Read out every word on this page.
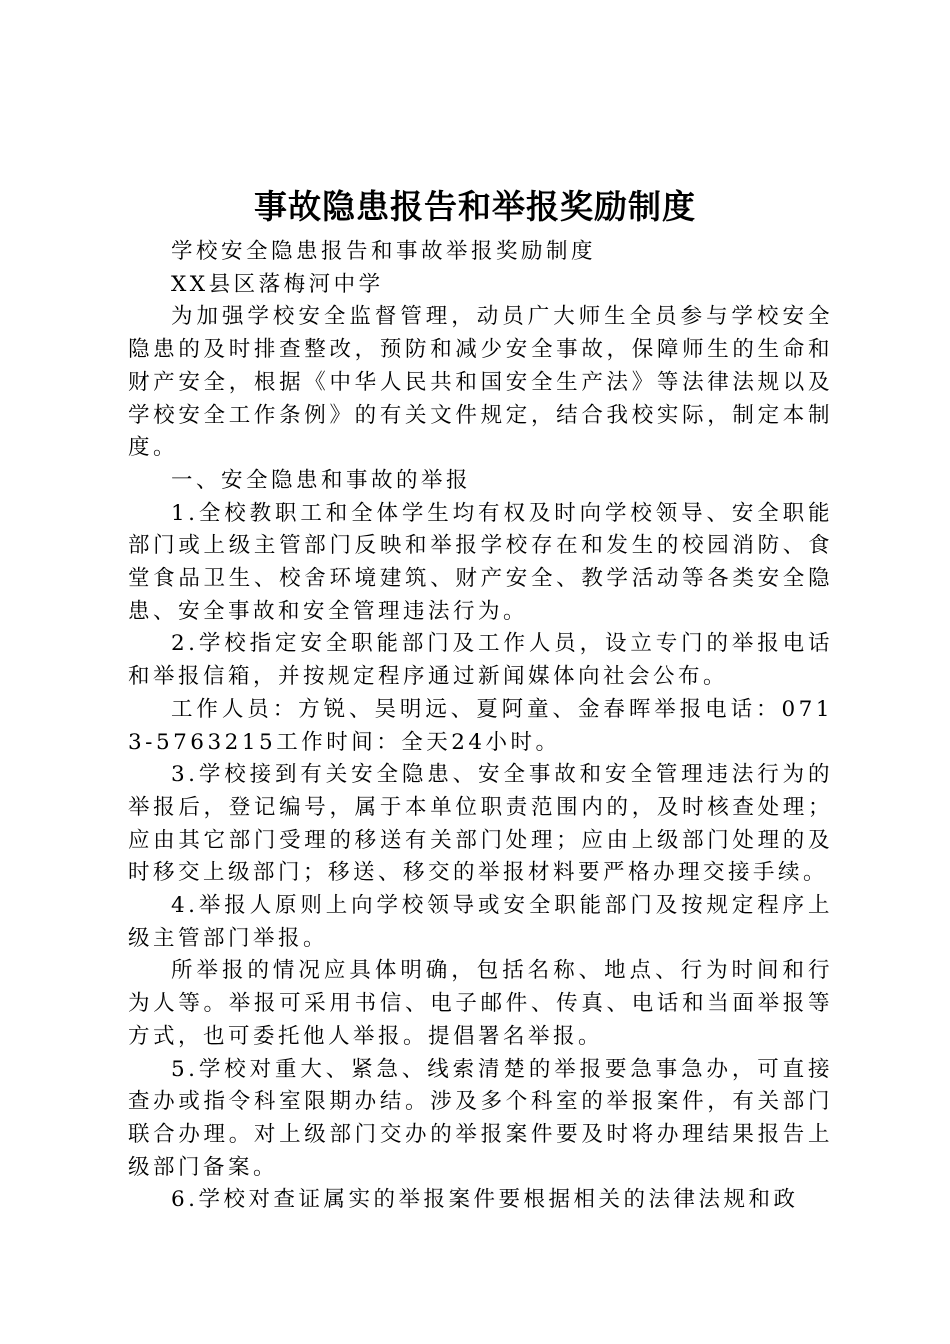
事故隐患报告和举报奖励制度

学校安全隐患报告和事故举报奖励制度

XX县区落梅河中学

为加强学校安全监督管理，动员广大师生全员参与学校安全隐患的及时排查整改，预防和减少安全事故，保障师生的生命和财产安全，根据《中华人民共和国安全生产法》等法律法规以及学校安全工作条例》的有关文件规定，结合我校实际，制定本制度。

一、安全隐患和事故的举报

1.全校教职工和全体学生均有权及时向学校领导、安全职能部门或上级主管部门反映和举报学校存在和发生的校园消防、食堂食品卫生、校舍环境建筑、财产安全、教学活动等各类安全隐患、安全事故和安全管理违法行为。

2.学校指定安全职能部门及工作人员，设立专门的举报电话和举报信箱，并按规定程序通过新闻媒体向社会公布。

工作人员：方锐、吴明远、夏阿童、金春晖举报电话：0713-5763215工作时间：全天24小时。

3.学校接到有关安全隐患、安全事故和安全管理违法行为的举报后，登记编号，属于本单位职责范围内的，及时核查处理；应由其它部门受理的移送有关部门处理；应由上级部门处理的及时移交上级部门；移送、移交的举报材料要严格办理交接手续。

4.举报人原则上向学校领导或安全职能部门及按规定程序上级主管部门举报。

所举报的情况应具体明确，包括名称、地点、行为时间和行为人等。举报可采用书信、电子邮件、传真、电话和当面举报等方式，也可委托他人举报。提倡署名举报。

5.学校对重大、紧急、线索清楚的举报要急事急办，可直接查办或指令科室限期办结。涉及多个科室的举报案件，有关部门联合办理。对上级部门交办的举报案件要及时将办理结果报告上级部门备案。

6.学校对查证属实的举报案件要根据相关的法律法规和政
